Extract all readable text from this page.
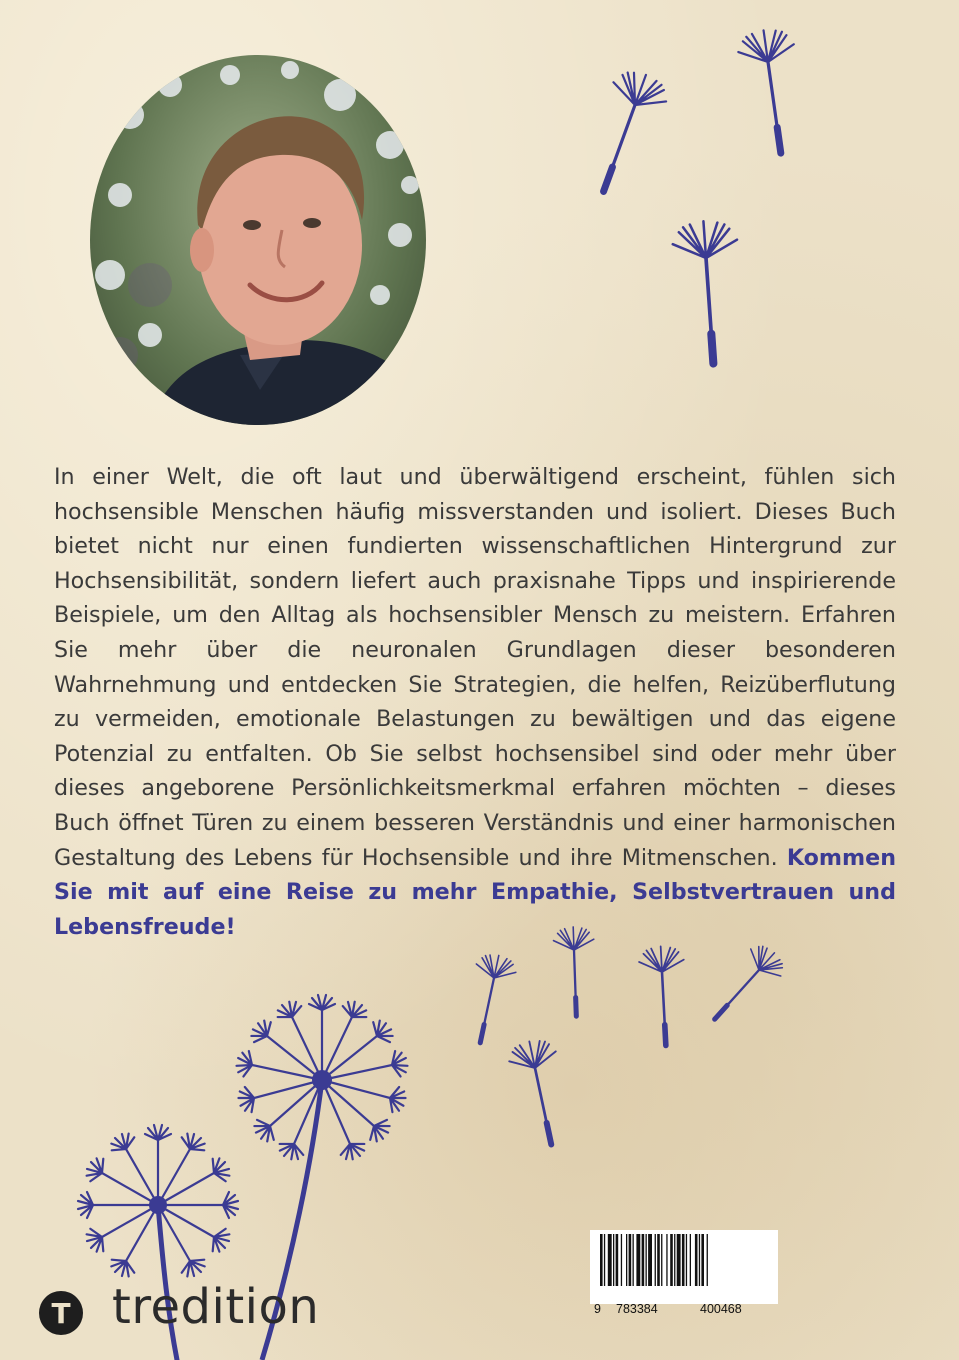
In einer Welt, die oft laut und überwältigend erscheint, fühlen sich hochsensible Menschen häufig missverstanden und isoliert. Dieses Buch bietet nicht nur einen fundierten wissenschaftlichen Hintergrund zur Hochsensibilität, sondern liefert auch praxisnahe Tipps und inspirierende Beispiele, um den Alltag als hochsensibler Mensch zu meistern. Erfahren Sie mehr über die neuronalen Grundlagen dieser besonderen Wahrnehmung und entdecken Sie Strategien, die helfen, Reizüberflutung zu vermeiden, emotionale Belastungen zu bewältigen und das eigene Potenzial zu entfalten. Ob Sie selbst hochsensibel sind oder mehr über dieses angeborene Persönlichkeitsmerkmal erfahren möchten – dieses Buch öffnet Türen zu einem besseren Verständnis und einer harmonischen Gestaltung des Lebens für Hochsensible und ihre Mitmenschen. Kommen Sie mit auf eine Reise zu mehr Empathie, Selbstvertrauen und Lebensfreude!

9 783384	400468
T tredition
